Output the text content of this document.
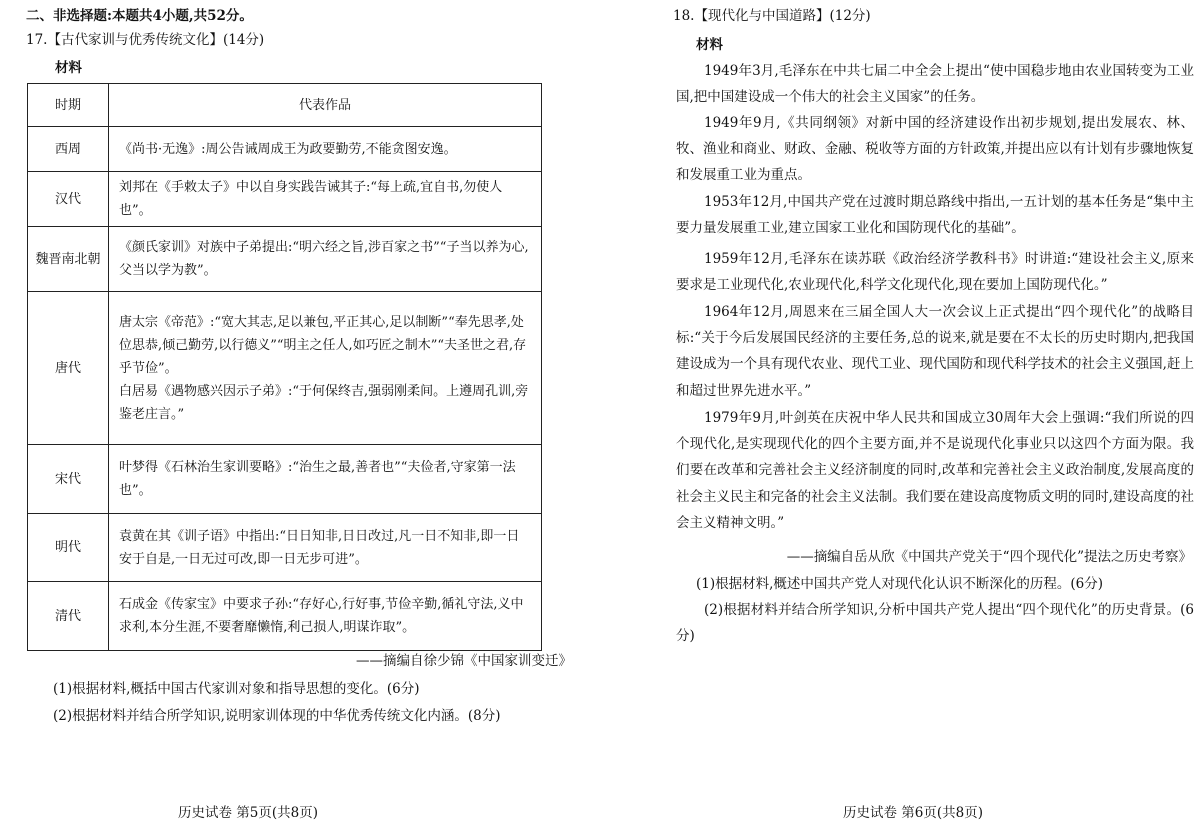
二、非选择题:本题共4小题,共52分。
17.【古代家训与优秀传统文化】(14分)
材料
时期	代表作品
西周	《尚书·无逸》:周公告诫周成王为政要勤劳,不能贪图安逸。

汉代	刘邦在《手敕太子》中以自身实践告诫其子:“每上疏,宜自书,勿使人也”。

魏晋南北朝	《颜氏家训》对族中子弟提出:“明六经之旨,涉百家之书”“子当以养为心,父当以学为教”。

唐代	唐太宗《帝范》:“宽大其志,足以兼包,平正其心,足以制断”“奉先思孝,处位思恭,倾己勤劳,以行德义”“明主之任人,如巧匠之制木”“夫圣世之君,存乎节俭”。

白居易《遇物感兴因示子弟》:“于何保终吉,强弱刚柔间。上遵周孔训,旁鉴老庄言。”

宋代	叶梦得《石林治生家训要略》:“治生之最,善者也”“夫俭者,守家第一法也”。

明代	袁黄在其《训子语》中指出:“日日知非,日日改过,凡一日不知非,即一日安于自是,一日无过可改,即一日无步可进”。

清代	石成金《传家宝》中要求子孙:“存好心,行好事,节俭辛勤,循礼守法,义中求利,本分生涯,不要奢靡懒惰,利己损人,明谋诈取”。

——摘编自徐少锦《中国家训变迁》
(1)根据材料,概括中国古代家训对象和指导思想的变化。(6分)
(2)根据材料并结合所学知识,说明家训体现的中华优秀传统文化内涵。(8分)
历史试卷 第5页(共8页)
18.【现代化与中国道路】(12分)
材料
1949年3月,毛泽东在中共七届二中全会上提出“使中国稳步地由农业国转变为工业国,把中国建设成一个伟大的社会主义国家”的任务。
1949年9月,《共同纲领》对新中国的经济建设作出初步规划,提出发展农、林、牧、渔业和商业、财政、金融、税收等方面的方针政策,并提出应以有计划有步骤地恢复和发展重工业为重点。
1953年12月,中国共产党在过渡时期总路线中指出,一五计划的基本任务是“集中主要力量发展重工业,建立国家工业化和国防现代化的基础”。
1959年12月,毛泽东在读苏联《政治经济学教科书》时讲道:“建设社会主义,原来要求是工业现代化,农业现代化,科学文化现代化,现在要加上国防现代化。”
1964年12月,周恩来在三届全国人大一次会议上正式提出“四个现代化”的战略目标:“关于今后发展国民经济的主要任务,总的说来,就是要在不太长的历史时期内,把我国建设成为一个具有现代农业、现代工业、现代国防和现代科学技术的社会主义强国,赶上和超过世界先进水平。”
1979年9月,叶剑英在庆祝中华人民共和国成立30周年大会上强调:“我们所说的四个现代化,是实现现代化的四个主要方面,并不是说现代化事业只以这四个方面为限。我们要在改革和完善社会主义经济制度的同时,改革和完善社会主义政治制度,发展高度的社会主义民主和完备的社会主义法制。我们要在建设高度物质文明的同时,建设高度的社会主义精神文明。”
——摘编自岳从欣《中国共产党关于“四个现代化”提法之历史考察》
(1)根据材料,概述中国共产党人对现代化认识不断深化的历程。(6分)
(2)根据材料并结合所学知识,分析中国共产党人提出“四个现代化”的历史背景。(6分)
历史试卷 第6页(共8页)
